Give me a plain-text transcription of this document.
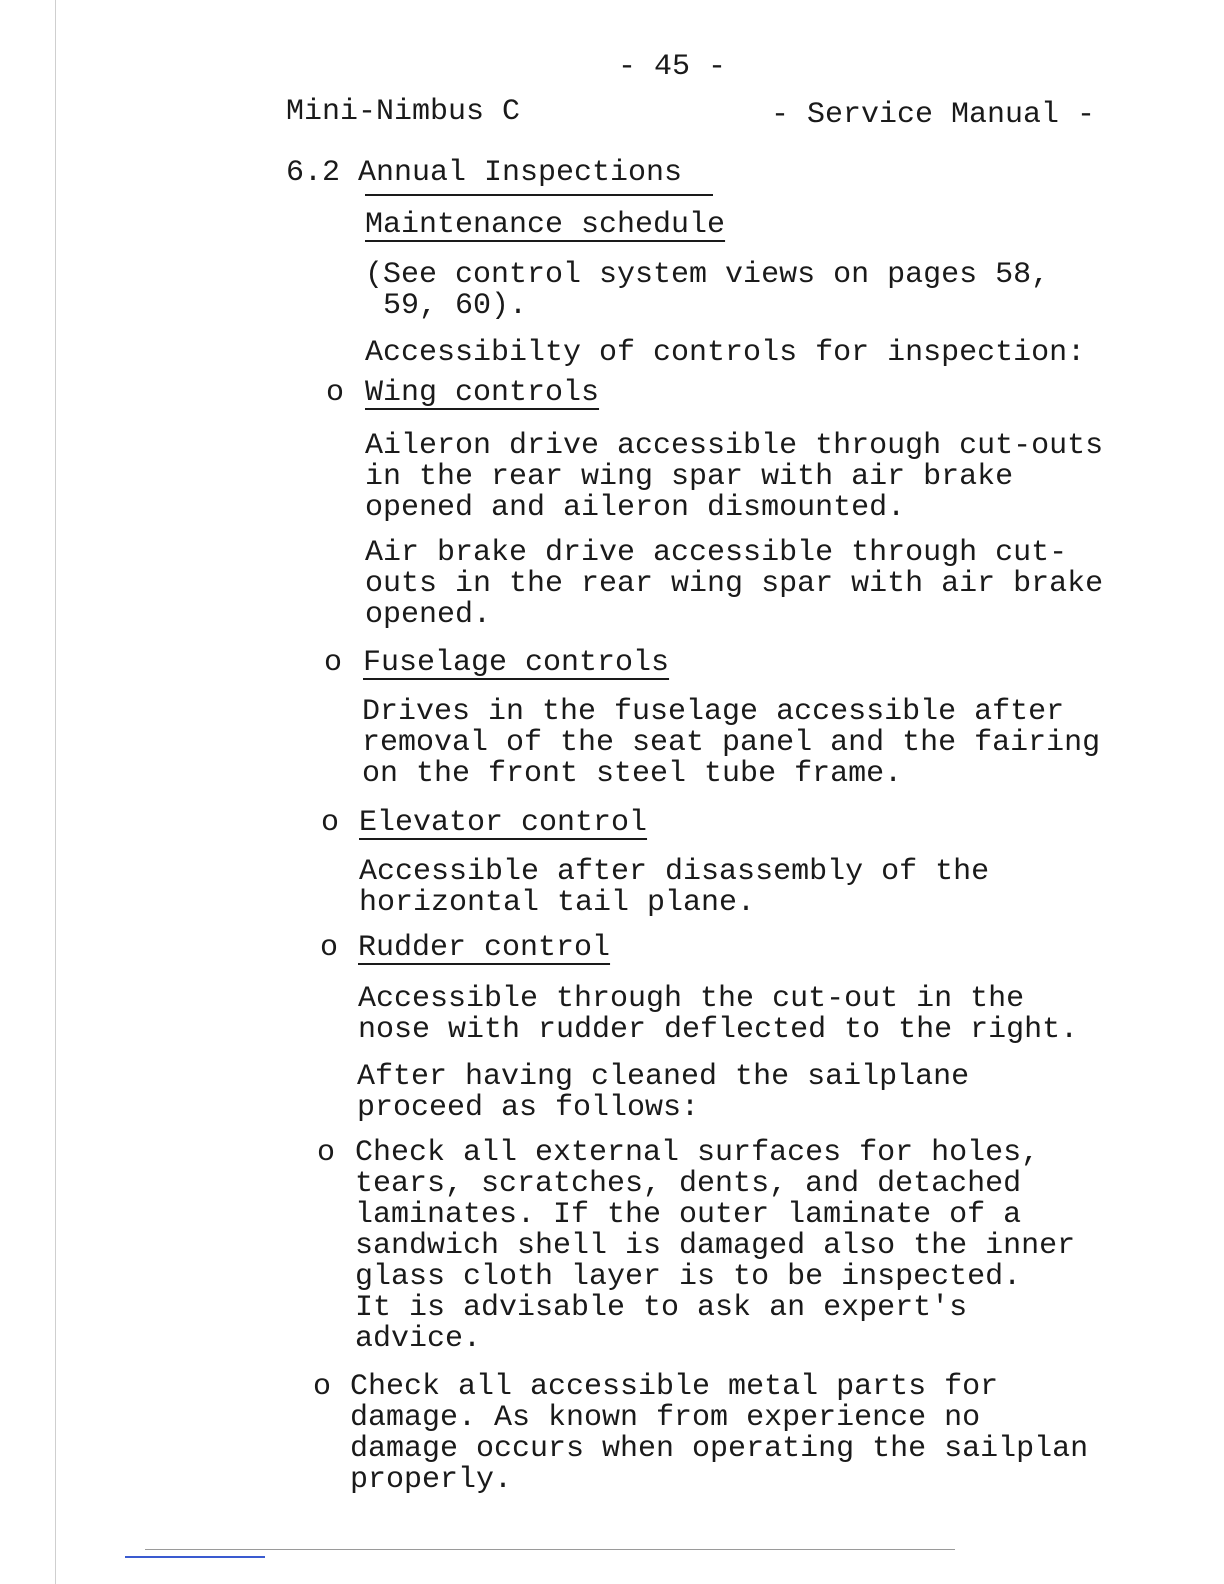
- 45 -
Mini-Nimbus C	- Service Manual -
6.2 Annual Inspections
Maintenance schedule
(See control system views on pages 58,
59, 60).
Accessibilty of controls for inspection:
o Wing controls
Aileron drive accessible through cut-outs
in the rear wing spar with air brake
opened and aileron dismounted.
Air brake drive accessible through cut-
outs in the rear wing spar with air brake
opened.
o Fuselage controls
Drives in the fuselage accessible after
removal of the seat panel and the fairing
on the front steel tube frame.
o Elevator control
Accessible after disassembly of the
horizontal tail plane.
o Rudder control
Accessible through the cut-out in the
nose with rudder deflected to the right.
After having cleaned the sailplane
proceed as follows:
o Check all external surfaces for holes,
tears, scratches, dents, and detached
laminates. If the outer laminate of a
sandwich shell is damaged also the inner
glass cloth layer is to be inspected.
It is advisable to ask an expert's
advice.
o Check all accessible metal parts for
damage. As known from experience no
damage occurs when operating the sailplan
properly.
